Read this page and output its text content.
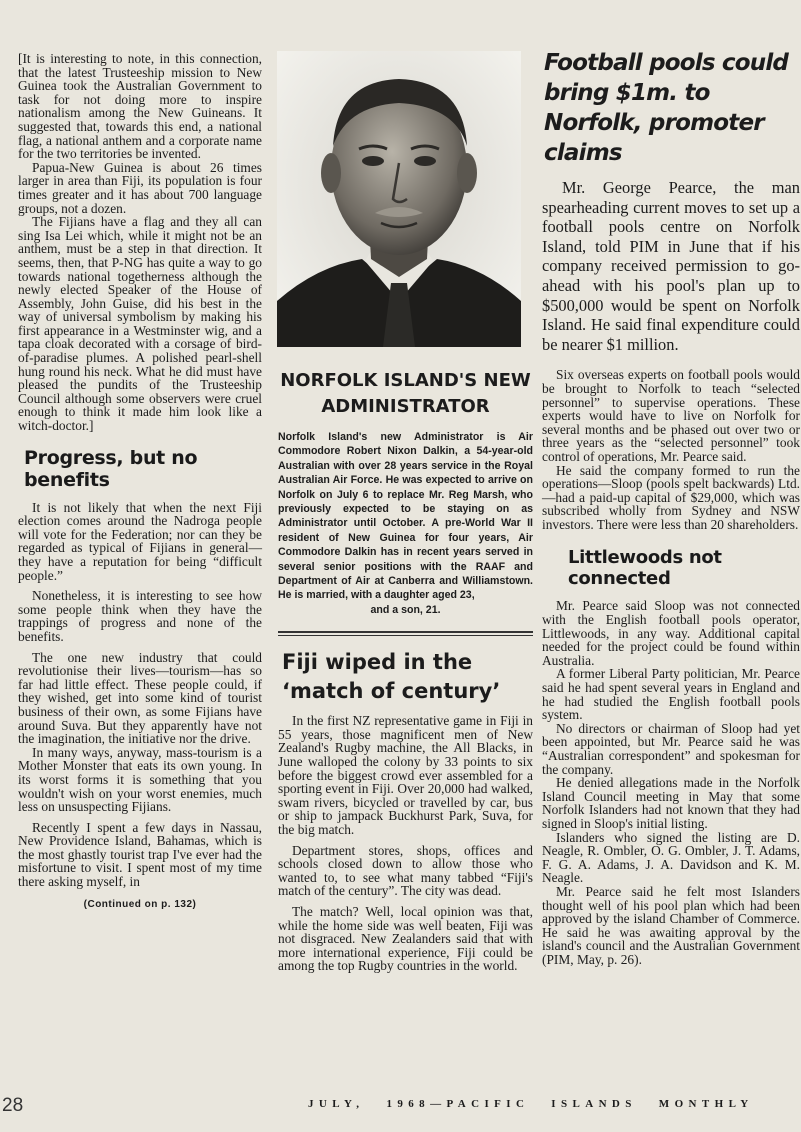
[It is interesting to note, in this connection, that the latest Trusteeship mission to New Guinea took the Australian Government to task for not doing more to inspire nationalism among the New Guineans. It suggested that, towards this end, a national flag, a national anthem and a corporate name for the two territories be invented.

Papua-New Guinea is about 26 times larger in area than Fiji, its population is four times greater and it has about 700 language groups, not a dozen.

The Fijians have a flag and they all can sing Isa Lei which, while it might not be an anthem, must be a step in that direction. It seems, then, that P-NG has quite a way to go towards national togetherness although the newly elected Speaker of the House of Assembly, John Guise, did his best in the way of universal symbolism by making his first appearance in a Westminster wig, and a tapa cloak decorated with a corsage of bird-of-paradise plumes. A polished pearl-shell hung round his neck. What he did must have pleased the pundits of the Trusteeship Council although some observers were cruel enough to think it made him look like a witch-doctor.]

Progress, but no benefits

It is not likely that when the next Fiji election comes around the Nadroga people will vote for the Federation; nor can they be regarded as typical of Fijians in general—they have a reputation for being “difficult people.”

Nonetheless, it is interesting to see how some people think when they have the trappings of progress and none of the benefits.

The one new industry that could revolutionise their lives—tourism—has so far had little effect. These people could, if they wished, get into some kind of tourist business of their own, as some Fijians have around Suva. But they apparently have not the imagination, the initiative nor the drive.

In many ways, anyway, mass-tourism is a Mother Monster that eats its own young. In its worst forms it is something that you wouldn't wish on your worst enemies, much less on unsuspecting Fijians.

Recently I spent a few days in Nassau, New Providence Island, Bahamas, which is the most ghastly tourist trap I've ever had the misfortune to visit. I spent most of my time there asking myself, in

(Continued on p. 132)
NORFOLK ISLAND'S NEW ADMINISTRATOR
Norfolk Island's new Administrator is Air Commodore Robert Nixon Dalkin, a 54-year-old Australian with over 28 years service in the Royal Australian Air Force. He was expected to arrive on Norfolk on July 6 to replace Mr. Reg Marsh, who previously expected to be staying on as Administrator until October. A pre-World War II resident of New Guinea for four years, Air Commodore Dalkin has in recent years served in several senior positions with the RAAF and Department of Air at Canberra and Williamstown. He is married, with a daughter aged 23,
and a son, 21.
Fiji wiped in the ‘match of century’

In the first NZ representative game in Fiji in 55 years, those magnificent men of New Zealand's Rugby machine, the All Blacks, in June walloped the colony by 33 points to six before the biggest crowd ever assembled for a sporting event in Fiji. Over 20,000 had walked, swam rivers, bicycled or travelled by car, bus or ship to jampack Buckhurst Park, Suva, for the big match.

Department stores, shops, offices and schools closed down to allow those who wanted to, to see what many tabbed “Fiji's match of the century”. The city was dead.

The match? Well, local opinion was that, while the home side was well beaten, Fiji was not disgraced. New Zealanders said that with more international experience, Fiji could be among the top Rugby countries in the world.

Football pools could bring $1m. to Norfolk, promoter claims

Mr. George Pearce, the man spearheading current moves to set up a football pools centre on Norfolk Island, told PIM in June that if his company received permission to go-ahead with his pool's plan up to $500,000 would be spent on Norfolk Island. He said final expenditure could be nearer $1 million.

Six overseas experts on football pools would be brought to Norfolk to teach “selected personnel” to supervise operations. These experts would have to live on Norfolk for several months and be phased out over two or three years as the “selected personnel” took control of operations, Mr. Pearce said.

He said the company formed to run the operations—Sloop (pools spelt backwards) Ltd.—had a paid-up capital of $29,000, which was subscribed wholly from Sydney and NSW investors. There were less than 20 shareholders.

Littlewoods not connected

Mr. Pearce said Sloop was not connected with the English football pools operator, Littlewoods, in any way. Additional capital needed for the project could be found within Australia.

A former Liberal Party politician, Mr. Pearce said he had spent several years in England and he had studied the English football pools system.

No directors or chairman of Sloop had yet been appointed, but Mr. Pearce said he was “Australian correspondent” and spokesman for the company.

He denied allegations made in the Norfolk Island Council meeting in May that some Norfolk Islanders had not known that they had signed in Sloop's initial listing.

Islanders who signed the listing are D. Neagle, R. Ombler, O. G. Ombler, J. T. Adams, F. G. A. Adams, J. A. Davidson and K. M. Neagle.

Mr. Pearce said he felt most Islanders thought well of his pool plan which had been approved by the island Chamber of Commerce. He said he was awaiting approval by the island's council and the Australian Government (PIM, May, p. 26).

28	JULY, 1968—PACIFIC ISLANDS MONTHLY
